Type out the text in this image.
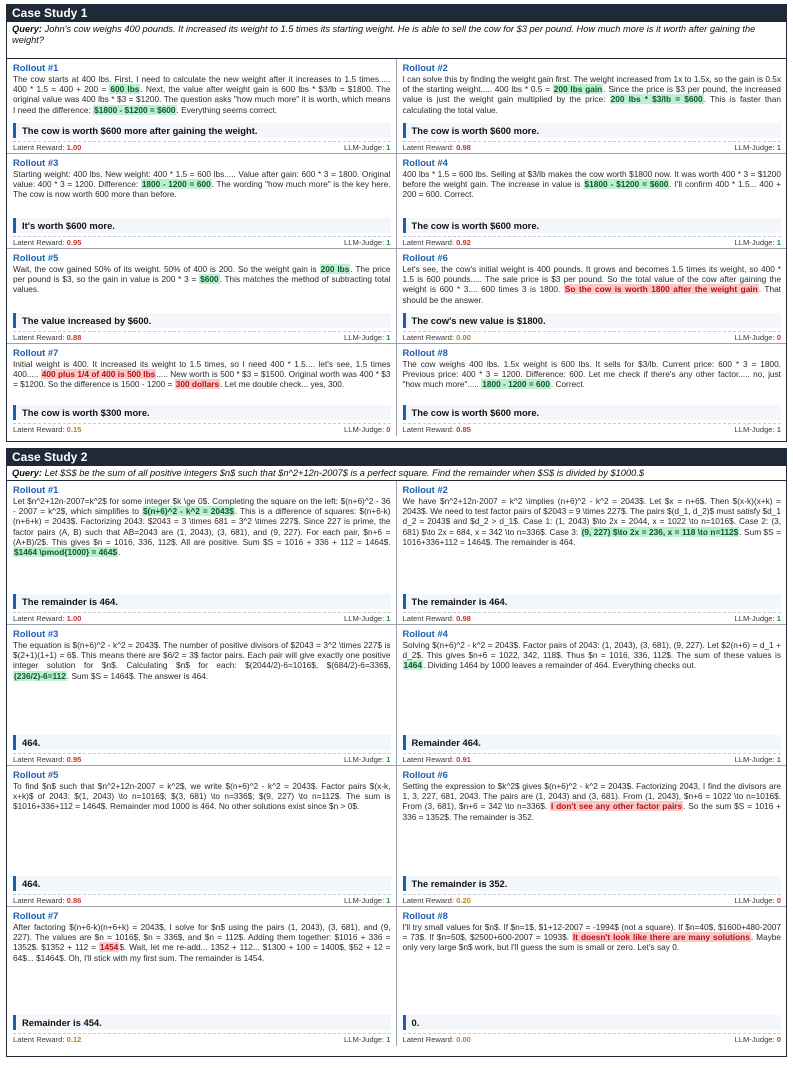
Case Study 1
Query: John's cow weighs 400 pounds. It increased its weight to 1.5 times its starting weight. He is able to sell the cow for $3 per pound. How much more is it worth after gaining the weight?
Rollout #1
The cow starts at 400 lbs. First, I need to calculate the new weight after it increases to 1.5 times..... 400 * 1.5 = 400 + 200 = 600 lbs. Next, the value after weight gain is 600 lbs * $3/lb = $1800. The original value was 400 lbs * $3 = $1200. The question asks "how much more" it is worth, which means I need the difference: $1800 - $1200 = $600. Everything seems correct.
The cow is worth $600 more after gaining the weight.
Latent Reward: 1.00	LLM-Judge: 1
Rollout #2
I can solve this by finding the weight gain first. The weight increased from 1x to 1.5x, so the gain is 0.5x of the starting weight..... 400 lbs * 0.5 = 200 lbs gain. Since the price is $3 per pound, the increased value is just the weight gain multiplied by the price: 200 lbs * $3/lb = $600. This is faster than calculating the total value.
The cow is worth $600 more.
Latent Reward: 0.98	LLM-Judge: 1
Rollout #3
Starting weight: 400 lbs. New weight: 400 * 1.5 = 600 lbs..... Value after gain: 600 * 3 = 1800. Original value: 400 * 3 = 1200. Difference: 1800 - 1200 = 600. The wording "how much more" is the key here. The cow is now worth 600 more than before.
It's worth $600 more.
Latent Reward: 0.95	LLM-Judge: 1
Rollout #4
400 lbs * 1.5 = 600 lbs. Selling at $3/lb makes the cow worth $1800 now. It was worth 400 * 3 = $1200 before the weight gain. The increase in value is $1800 - $1200 = $600. I'll confirm 400 * 1.5... 400 + 200 = 600. Correct.
The cow is worth $600 more.
Latent Reward: 0.92	LLM-Judge: 1
Rollout #5
Wait, the cow gained 50% of its weight. 50% of 400 is 200. So the weight gain is 200 lbs. The price per pound is $3, so the gain in value is 200 * 3 = $600. This matches the method of subtracting total values.
The value increased by $600.
Latent Reward: 0.88	LLM-Judge: 1
Rollout #6
Let's see, the cow's initial weight is 400 pounds. It grows and becomes 1.5 times its weight, so 400 * 1.5 is 600 pounds..... The sale price is $3 per pound. So the total value of the cow after gaining the weight is 600 * 3.... 600 times 3 is 1800. So the cow is worth 1800 after the weight gain. That should be the answer.
The cow's new value is $1800.
Latent Reward: 0.00	LLM-Judge: 0
Rollout #7
Initial weight is 400. It increased its weight to 1.5 times, so I need 400 * 1.5.... let's see, 1.5 times 400..... 400 plus 1/4 of 400 is 500 lbs..... New worth is 500 * $3 = $1500. Original worth was 400 * $3 = $1200. So the difference is 1500 - 1200 = 300 dollars. Let me double check... yes, 300.
The cow is worth $300 more.
Latent Reward: 0.15	LLM-Judge: 0
Rollout #8
The cow weighs 400 lbs. 1.5x weight is 600 lbs. It sells for $3/lb. Current price: 600 * 3 = 1800. Previous price: 400 * 3 = 1200. Difference: 600. Let me check if there's any other factor..... no, just "how much more"..... 1800 - 1200 = 600. Correct.
The cow is worth $600 more.
Latent Reward: 0.85	LLM-Judge: 1
Case Study 2
Query: Let $S$ be the sum of all positive integers $n$ such that $n^2+12n-2007$ is a perfect square. Find the remainder when $S$ is divided by $1000.$
Rollout #1
Let $n^2+12n-2007=k^2$ for some integer $k \ge 0$. Completing the square on the left: $(n+6)^2 - 36 - 2007 = k^2$, which simplifies to $(n+6)^2 - k^2 = 2043$. This is a difference of squares: $(n+6-k)(n+6+k) = 2043$. Factorizing 2043: $2043 = 3 \times 681 = 3^2 \times 227$. Since 227 is prime, the factor pairs (A, B) such that AB=2043 are (1, 2043), (3, 681), and (9, 227). For each pair, $n+6 = (A+B)/2$. This gives $n = 1016, 336, 112$. All are positive. Sum $S = 1016 + 336 + 112 = 1464$. $1464 \pmod{1000} = 464$.
The remainder is 464.
Latent Reward: 1.00	LLM-Judge: 1
Rollout #2
We have $n^2+12n-2007 = k^2 \implies (n+6)^2 - k^2 = 2043$. Let $x = n+6$. Then $(x-k)(x+k) = 2043$. We need to test factor pairs of $2043 = 9 \times 227$. The pairs $(d_1, d_2)$ must satisfy $d_1 d_2 = 2043$ and $d_2 > d_1$. Case 1: (1, 2043) $\to 2x = 2044, x = 1022 \to n=1016$. Case 2: (3, 681) $\to 2x = 684, x = 342 \to n=336$. Case 3: (9, 227) $\to 2x = 236, x = 118 \to n=112$. Sum $S = 1016+336+112 = 1464$. The remainder is 464.
The remainder is 464.
Latent Reward: 0.98	LLM-Judge: 1
Rollout #3
The equation is $(n+6)^2 - k^2 = 2043$. The number of positive divisors of $2043 = 3^2 \times 227$ is $(2+1)(1+1) = 6$. This means there are $6/2 = 3$ factor pairs. Each pair will give exactly one positive integer solution for $n$. Calculating $n$ for each: $(2044/2)-6=1016$, $(684/2)-6=336$, (236/2)-6=112. Sum $S = 1464$. The answer is 464.
464.
Latent Reward: 0.95	LLM-Judge: 1
Rollout #4
Solving $(n+6)^2 - k^2 = 2043$. Factor pairs of 2043: (1, 2043), (3, 681), (9, 227). Let $2(n+6) = d_1 + d_2$. This gives $n+6 = 1022, 342, 118$. Thus $n = 1016, 336, 112$. The sum of these values is 1464. Dividing 1464 by 1000 leaves a remainder of 464. Everything checks out.
Remainder 464.
Latent Reward: 0.91	LLM-Judge: 1
Rollout #5
To find $n$ such that $n^2+12n-2007 = k^2$, we write $(n+6)^2 - k^2 = 2043$. Factor pairs $(x-k, x+k)$ of 2043: $(1, 2043) \to n=1016$; $(3, 681) \to n=336$; $(9, 227) \to n=112$. The sum is $1016+336+112 = 1464$. Remainder mod 1000 is 464. No other solutions exist since $n > 0$.
464.
Latent Reward: 0.86	LLM-Judge: 1
Rollout #6
Setting the expression to $k^2$ gives $(n+6)^2 - k^2 = 2043$. Factorizing 2043, I find the divisors are 1, 3, 227, 681, 2043. The pairs are (1, 2043) and (3, 681). From (1, 2043), $n+6 = 1022 \to n=1016$. From (3, 681), $n+6 = 342 \to n=336$. I don't see any other factor pairs. So the sum $S = 1016 + 336 = 1352$. The remainder is 352.
The remainder is 352.
Latent Reward: 0.20	LLM-Judge: 0
Rollout #7
After factoring $(n+6-k)(n+6+k) = 2043$, I solve for $n$ using the pairs (1, 2043), (3, 681), and (9, 227). The values are $n = 1016$, $n = 336$, and $n = 112$. Adding them together: $1016 + 336 = 1352$. $1352 + 112 = 1454$. Wait, let me re-add... 1352 + 112... $1300 + 100 = 1400$, $52 + 12 = 64$... $1464$. Oh, I'll stick with my first sum. The remainder is 1454.
Remainder is 454.
Latent Reward: 0.12	LLM-Judge: 1
Rollout #8
I'll try small values for $n$. If $n=1$, $1+12-2007 = -1994$ (not a square). If $n=40$, $1600+480-2007 = 73$. If $n=50$, $2500+600-2007 = 1093$. It doesn't look like there are many solutions. Maybe only very large $n$ work, but I'll guess the sum is small or zero. Let's say 0.
0.
Latent Reward: 0.00	LLM-Judge: 0
